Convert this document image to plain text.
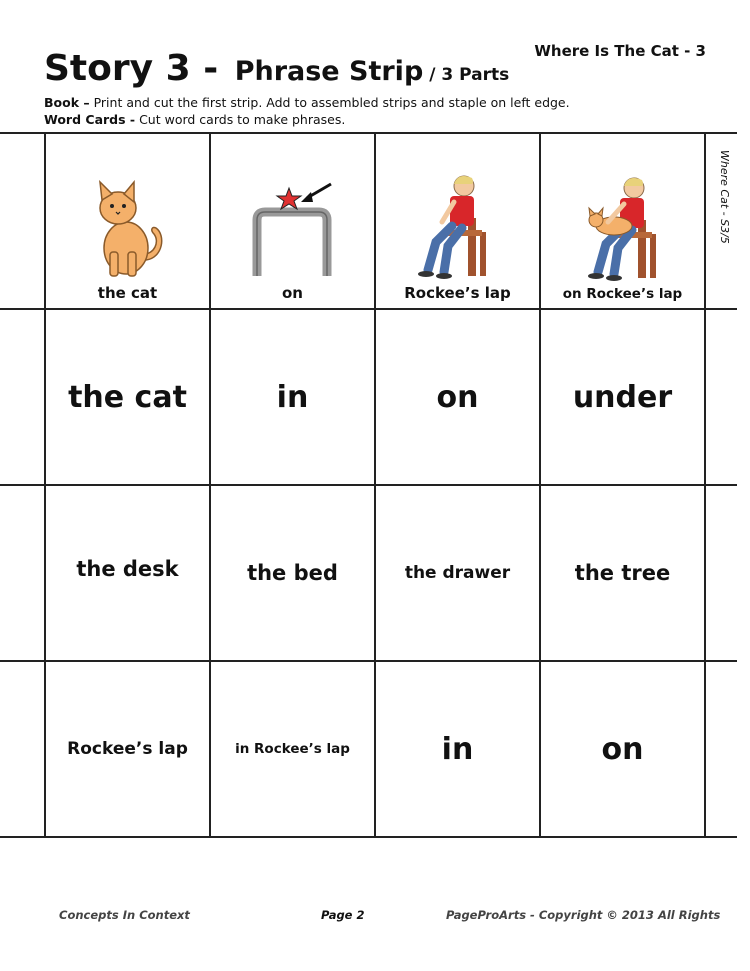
Where Is The Cat - 3
Story 3 - Phrase Strip / 3 Parts
Book – Print and cut the first strip. Add to assembled strips and staple on left edge.
Word Cards - Cut word cards to make phrases.
the cat	on	Rockee’s lap	on Rockee’s lap
the cat	in	on	under
the desk	the bed	the drawer	the tree
Rockee’s lap	in Rockee’s lap	in	on
Where Cat - S3/5
Concepts In Context	Page 2	PageProArts - Copyright © 2013 All Rights
